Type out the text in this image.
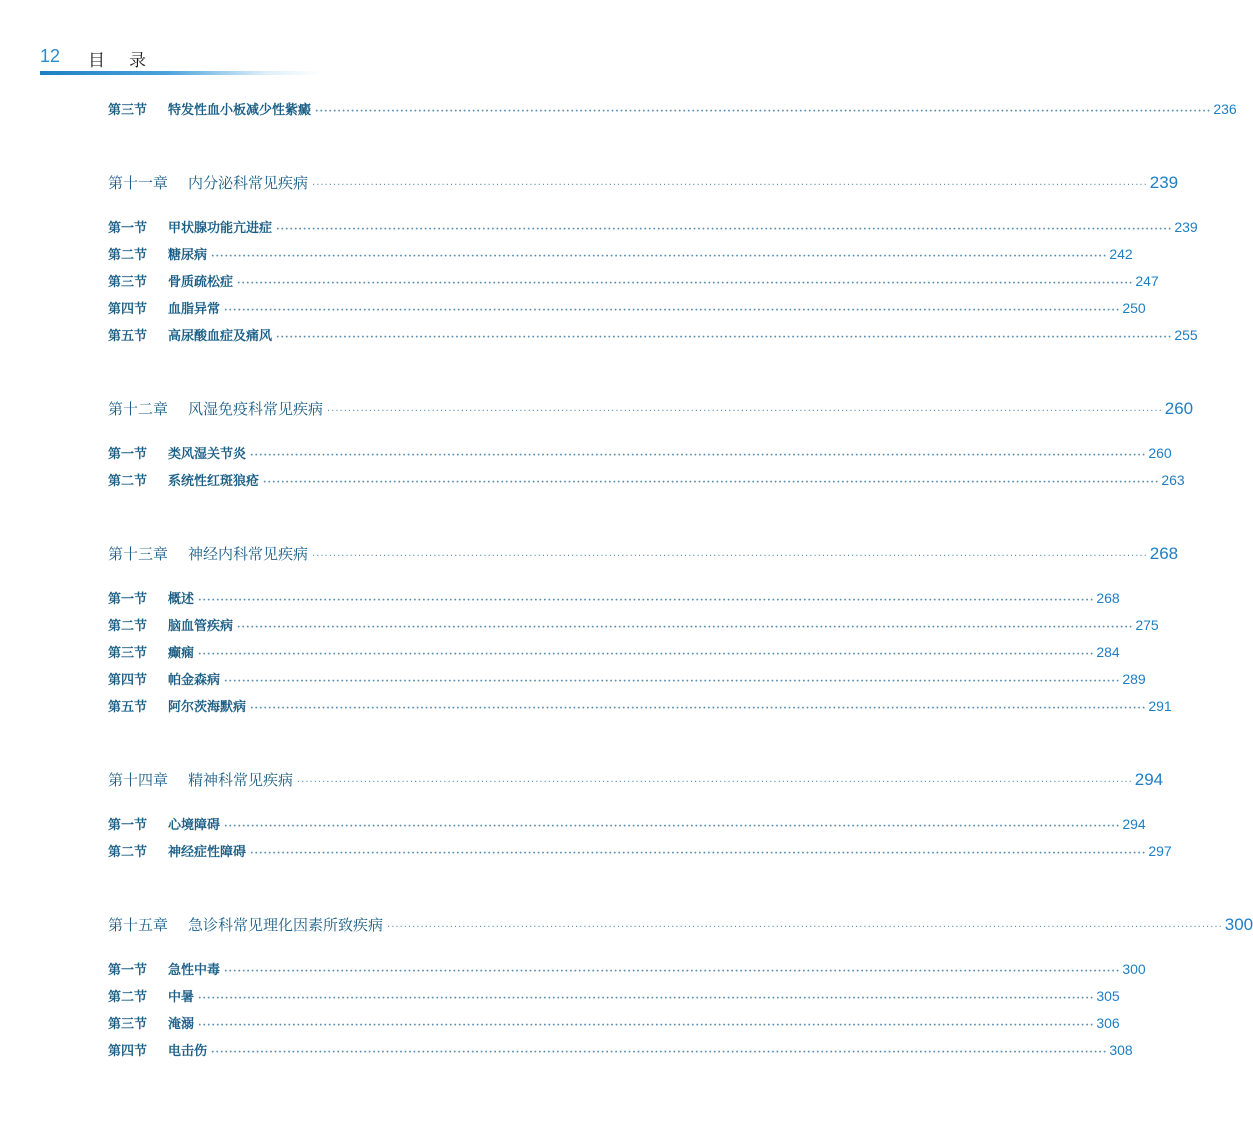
12 目录
第三节	特发性血小板减少性紫癜 ········································································································································································································ 236
第十一章	内分泌科常见疾病 ········································································································································································································ 239
第一节	甲状腺功能亢进症 ········································································································································································································ 239
第二节	糖尿病 ········································································································································································································ 242
第三节	骨质疏松症 ········································································································································································································ 247
第四节	血脂异常 ········································································································································································································ 250
第五节	高尿酸血症及痛风 ········································································································································································································ 255
第十二章	风湿免疫科常见疾病 ········································································································································································································ 260
第一节	类风湿关节炎 ········································································································································································································ 260
第二节	系统性红斑狼疮 ········································································································································································································ 263
第十三章	神经内科常见疾病 ········································································································································································································ 268
第一节	概述 ········································································································································································································ 268
第二节	脑血管疾病 ········································································································································································································ 275
第三节	癫痫 ········································································································································································································ 284
第四节	帕金森病 ········································································································································································································ 289
第五节	阿尔茨海默病 ········································································································································································································ 291
第十四章	精神科常见疾病 ········································································································································································································ 294
第一节	心境障碍 ········································································································································································································ 294
第二节	神经症性障碍 ········································································································································································································ 297
第十五章	急诊科常见理化因素所致疾病 ········································································································································································································ 300
第一节	急性中毒 ········································································································································································································ 300
第二节	中暑 ········································································································································································································ 305
第三节	淹溺 ········································································································································································································ 306
第四节	电击伤 ········································································································································································································ 308
